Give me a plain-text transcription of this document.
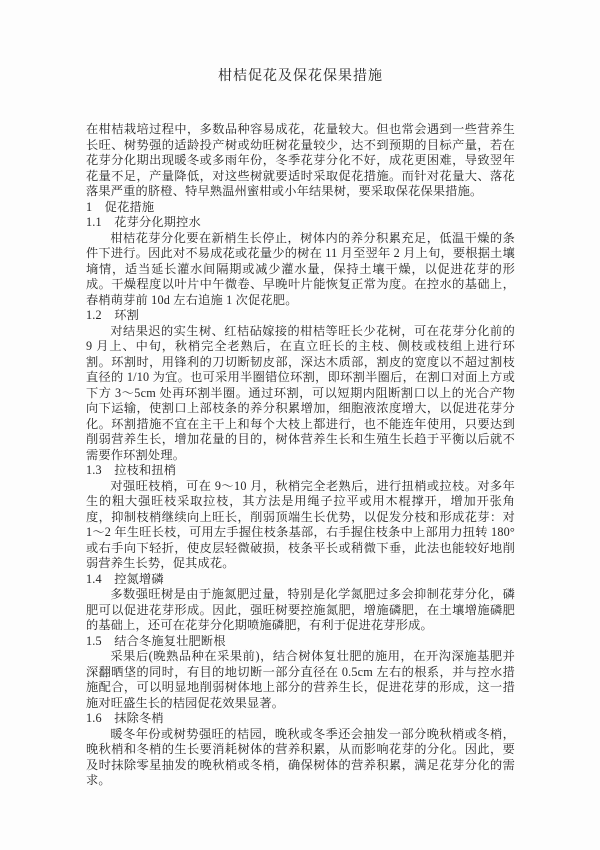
柑桔促花及保花保果措施

在柑桔栽培过程中，多数品种容易成花，花量较大。但也常会遇到一些营养生长旺、树势强的适龄投产树或幼旺树花量较少，达不到预期的目标产量，若在花芽分化期出现暖冬或多雨年份，冬季花芽分化不好，成花更困难，导致翌年花量不足，产量降低，对这些树就要适时采取促花措施。而针对花量大、落花落果严重的脐橙、特早熟温州蜜柑或小年结果树，要采取保花保果措施。

1　促花措施

1.1　花芽分化期控水

柑桔花芽分化要在新梢生长停止，树体内的养分积累充足，低温干燥的条件下进行。因此对不易成花或花量少的树在 11 月至翌年 2 月上旬，要根据土壤墒情，适当延长灌水间隔期或减少灌水量，保持土壤干燥，以促进花芽的形成。干燥程度以叶片中午微卷、早晚叶片能恢复正常为度。在控水的基础上，春梢萌芽前 10d 左右追施 1 次促花肥。

1.2　环割

对结果迟的实生树、红桔砧嫁接的柑桔等旺长少花树，可在花芽分化前的 9 月上、中旬，秋梢完全老熟后，在直立旺长的主枝、侧枝或枝组上进行环割。环割时，用锋利的刀切断韧皮部，深达木质部，割皮的宽度以不超过割枝直径的 1/10 为宜。也可采用半圈错位环割，即环割半圈后，在割口对面上方或下方 3～5cm 处再环割半圈。通过环割，可以短期内阻断割口以上的光合产物向下运输，使割口上部枝条的养分积累增加，细胞液浓度增大，以促进花芽分化。环割措施不宜在主干上和每个大枝上都进行，也不能连年使用，只要达到削弱营养生长，增加花量的目的，树体营养生长和生殖生长趋于平衡以后就不需要作环割处理。

1.3　拉枝和扭梢

对强旺枝梢，可在 9～10 月，秋梢完全老熟后，进行扭梢或拉枝。对多年生的粗大强旺枝采取拉枝，其方法是用绳子拉平或用木棍撑开，增加开张角度，抑制枝梢继续向上旺长，削弱顶端生长优势，以促发分枝和形成花芽：对 1～2 年生旺长枝，可用左手握住枝条基部，右手握住枝条中上部用力扭转 180° 或右手向下轻折，使皮层轻微破损，枝条平长或稍微下垂，此法也能较好地削弱营养生长势，促其成花。

1.4　控氮增磷

多数强旺树是由于施氮肥过量，特别是化学氮肥过多会抑制花芽分化，磷肥可以促进花芽形成。因此，强旺树要控施氮肥，增施磷肥，在土壤增施磷肥的基础上，还可在花芽分化期喷施磷肥，有利于促进花芽形成。

1.5　结合冬施复壮肥断根

采果后(晚熟品种在采果前)，结合树体复壮肥的施用，在开沟深施基肥并深翻晒垡的同时，有目的地切断一部分直径在 0.5cm 左右的根系，并与控水措施配合，可以明显地削弱树体地上部分的营养生长，促进花芽的形成，这一措施对旺盛生长的桔园促花效果显著。

1.6　抹除冬梢

暖冬年份或树势强旺的桔园，晚秋或冬季还会抽发一部分晚秋梢或冬梢，晚秋梢和冬梢的生长要消耗树体的营养积累，从而影响花芽的分化。因此，要及时抹除零星抽发的晚秋梢或冬梢，确保树体的营养积累，满足花芽分化的需求。
